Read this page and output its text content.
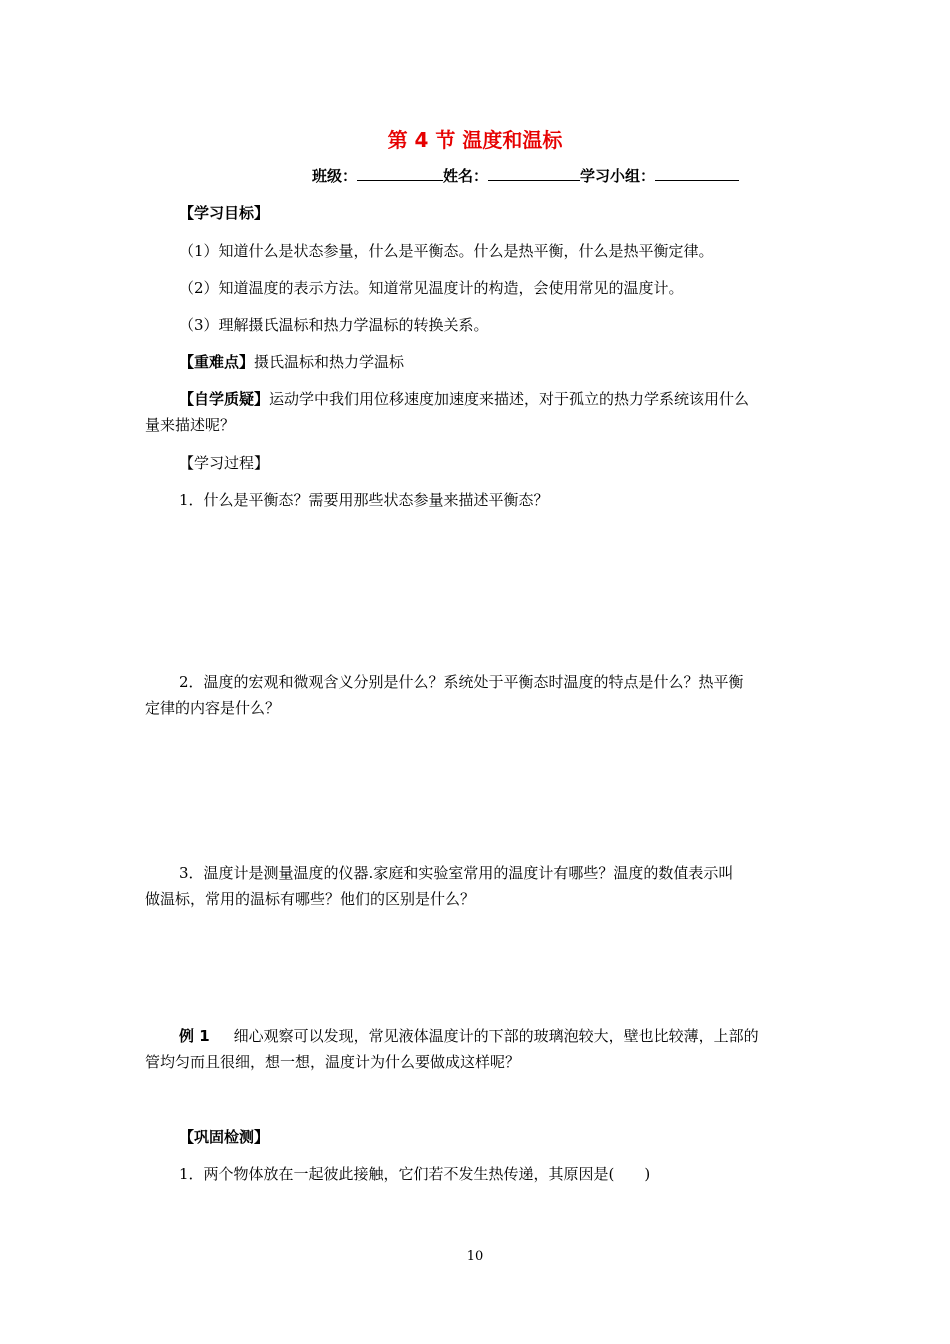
第 4 节 温度和温标
班级：	姓名：	学习小组：
【学习目标】
（1）知道什么是状态参量，什么是平衡态。什么是热平衡，什么是热平衡定律。
（2）知道温度的表示方法。知道常见温度计的构造，会使用常见的温度计。
（3）理解摄氏温标和热力学温标的转换关系。
【重难点】摄氏温标和热力学温标
【自学质疑】运动学中我们用位移速度加速度来描述，对于孤立的热力学系统该用什么
量来描述呢？
【学习过程】
1．什么是平衡态？需要用那些状态参量来描述平衡态？
2．温度的宏观和微观含义分别是什么？系统处于平衡态时温度的特点是什么？热平衡
定律的内容是什么？
3．温度计是测量温度的仪器.家庭和实验室常用的温度计有哪些？温度的数值表示叫
做温标，常用的温标有哪些？他们的区别是什么？
例 1 细心观察可以发现，常见液体温度计的下部的玻璃泡较大，壁也比较薄，上部的
管均匀而且很细，想一想，温度计为什么要做成这样呢？
【巩固检测】
1．两个物体放在一起彼此接触，它们若不发生热传递，其原因是(　　)
10
